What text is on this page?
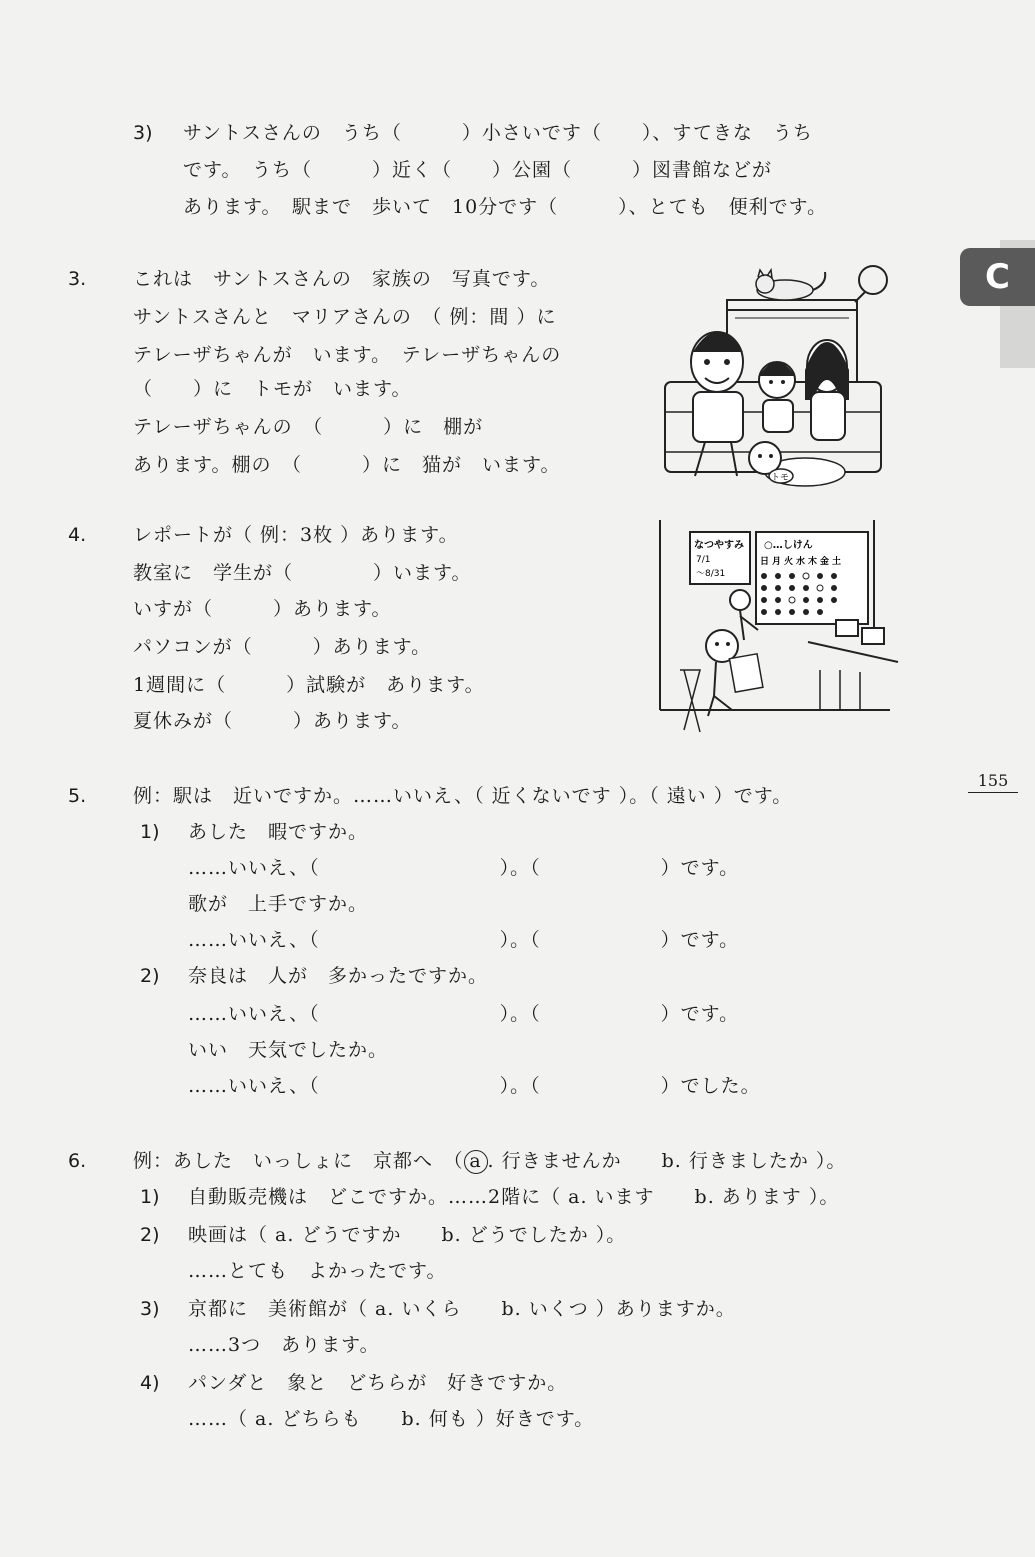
C
155
3) サントスさんの　うち（　　　）小さいです（　　）、すてきな　うち
です。　うち（　　　）近く（　　）公園（　　　）図書館などが
あります。　駅まで　歩いて　10分です（　　　）、とても　便利です。
3. これは　サントスさんの　家族の　写真です。
サントスさんと　マリアさんの　（ 例：間 ）に
テレーザちゃんが　います。　テレーザちゃんの
（　　）に　トモが　います。
テレーザちゃんの　（　　　）に　棚が
あります。棚の　（　　　）に　猫が　います。
トモ
4. レポートが（ 例：3枚 ）あります。
教室に　学生が（　　　　）います。
いすが（　　　）あります。
パソコンが（　　　）あります。
1週間に（　　　）試験が　あります。
夏休みが（　　　）あります。
なつやすみ
7/1
～8/31
○…しけん
日月火水木金土
5. 例：駅は　近いですか。……いいえ、（ 近くないです ）。（ 遠い ）です。
1) あした　暇ですか。
……いいえ、（　　　　　　　　　）。（　　　　　　）です。
歌が　上手ですか。
……いいえ、（　　　　　　　　　）。（　　　　　　）です。
2) 奈良は　人が　多かったですか。
……いいえ、（　　　　　　　　　）。（　　　　　　）です。
いい　天気でしたか。
……いいえ、（　　　　　　　　　）。（　　　　　　）でした。
6. 例：あした　いっしょに　京都へ　（ a . 行きませんか　　b. 行きましたか ）。
1) 自動販売機は　どこですか。……2階に（ a. います　　b. あります ）。
2) 映画は（ a. どうですか　　b. どうでしたか ）。
……とても　よかったです。
3) 京都に　美術館が（ a. いくら　　b. いくつ ）ありますか。
……3つ　あります。
4) パンダと　象と　どちらが　好きですか。
……（ a. どちらも　　b. 何も ）好きです。
